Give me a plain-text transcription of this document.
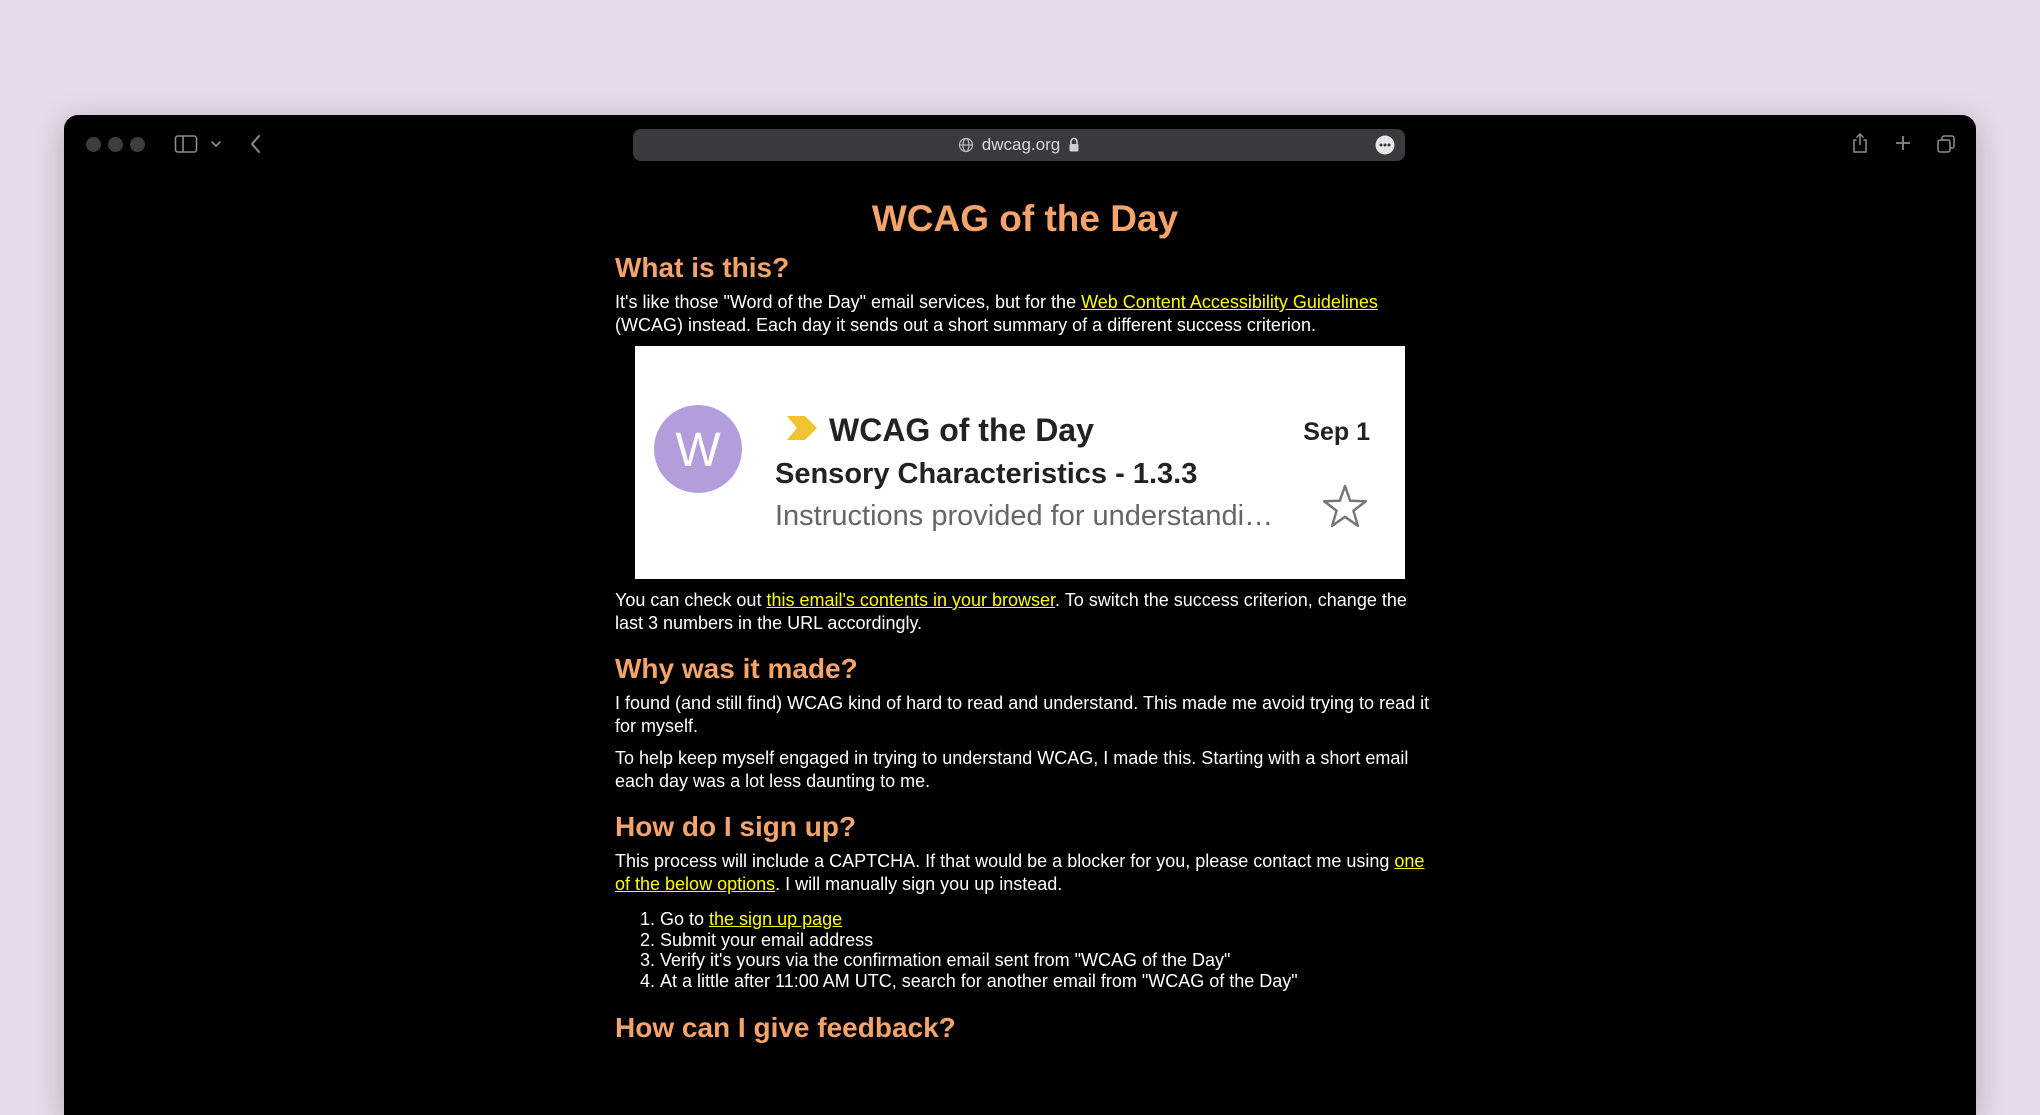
dwcag.org
WCAG of the Day
What is this?

It's like those "Word of the Day" email services, but for the Web Content Accessibility Guidelines (WCAG) instead. Each day it sends out a short summary of a different success criterion.

W	WCAG of the Day	Sep 1
Sensory Characteristics - 1.3.3
Instructions provided for understandi…

You can check out this email's contents in your browser. To switch the success criterion, change the last 3 numbers in the URL accordingly.

Why was it made?

I found (and still find) WCAG kind of hard to read and understand. This made me avoid trying to read it for myself.

To help keep myself engaged in trying to understand WCAG, I made this. Starting with a short email each day was a lot less daunting to me.

How do I sign up?

This process will include a CAPTCHA. If that would be a blocker for you, please contact me using one of the below options. I will manually sign you up instead.

1. Go to the sign up page
2. Submit your email address
3. Verify it's yours via the confirmation email sent from "WCAG of the Day"
4. At a little after 11:00 AM UTC, search for another email from "WCAG of the Day"
How can I give feedback?
